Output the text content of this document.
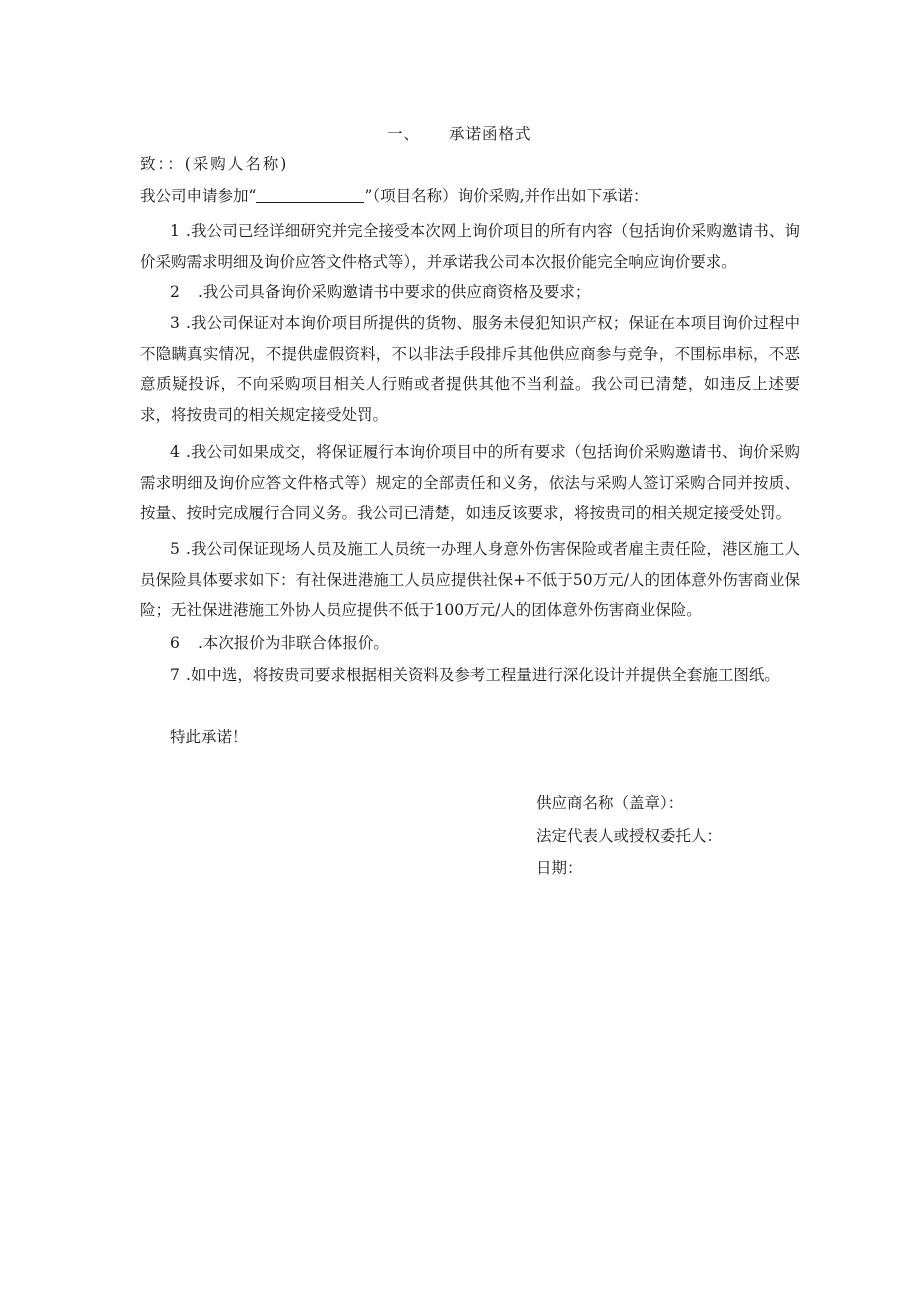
一、 承诺函格式
致：：(采购人名称)
我公司申请参加“	”（项目名称）询价采购,并作出如下承诺：
1 .我公司已经详细研究并完全接受本次网上询价项目的所有内容（包括询价采购邀请书、询价采购需求明细及询价应答文件格式等），并承诺我公司本次报价能完全响应询价要求。
2 .我公司具备询价采购邀请书中要求的供应商资格及要求；
3 .我公司保证对本询价项目所提供的货物、服务未侵犯知识产权；保证在本项目询价过程中不隐瞒真实情况，不提供虚假资料，不以非法手段排斥其他供应商参与竞争，不围标串标，不恶意质疑投诉，不向采购项目相关人行贿或者提供其他不当利益。我公司已清楚，如违反上述要求，将按贵司的相关规定接受处罚。
4 .我公司如果成交，将保证履行本询价项目中的所有要求（包括询价采购邀请书、询价采购需求明细及询价应答文件格式等）规定的全部责任和义务，依法与采购人签订采购合同并按质、按量、按时完成履行合同义务。我公司已清楚，如违反该要求，将按贵司的相关规定接受处罚。
5 .我公司保证现场人员及施工人员统一办理人身意外伤害保险或者雇主责任险，港区施工人员保险具体要求如下：有社保进港施工人员应提供社保+不低于50万元/人的团体意外伤害商业保险；无社保进港施工外协人员应提供不低于100万元/人的团体意外伤害商业保险。
6 .本次报价为非联合体报价。
7 .如中选，将按贵司要求根据相关资料及参考工程量进行深化设计并提供全套施工图纸。
特此承诺！
供应商名称（盖章）：
法定代表人或授权委托人：
日期：
